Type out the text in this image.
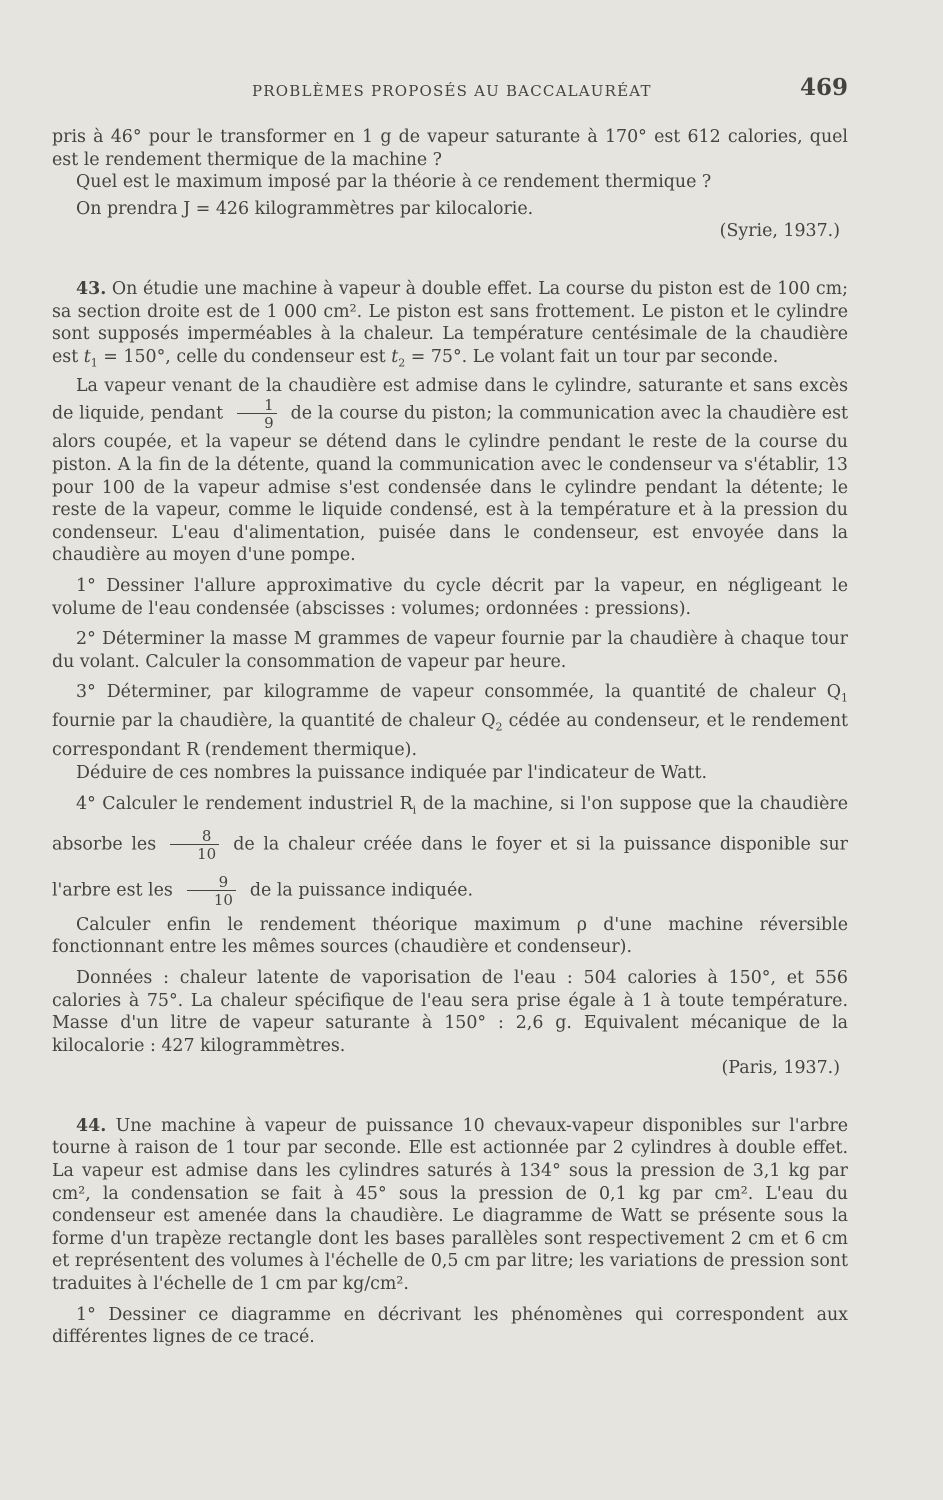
PROBLÈMES PROPOSÉS AU BACCALAURÉAT	469

pris à 46° pour le transformer en 1 g de vapeur saturante à 170° est 612 calories, quel est le rendement thermique de la machine ?

Quel est le maximum imposé par la théorie à ce rendement thermique ?

On prendra J = 426 kilogrammètres par kilocalorie.

(Syrie, 1937.)

43. On étudie une machine à vapeur à double effet. La course du piston est de 100 cm; sa section droite est de 1 000 cm². Le piston est sans frottement. Le piston et le cylindre sont supposés imperméables à la chaleur. La température centésimale de la chaudière est $t_1 = 150^\circ$, celle du condenseur est $t_2 = 75^\circ$. Le volant fait un tour par seconde.

La vapeur venant de la chaudière est admise dans le cylindre, saturante et sans excès de liquide, pendant $\frac{1}{9}$ de la course du piston; la communication avec la chaudière est alors coupée, et la vapeur se détend dans le cylindre pendant le reste de la course du piston. A la fin de la détente, quand la communication avec le condenseur va s'établir, 13 pour 100 de la vapeur admise s'est condensée dans le cylindre pendant la détente; le reste de la vapeur, comme le liquide condensé, est à la température et à la pression du condenseur. L'eau d'alimentation, puisée dans le condenseur, est envoyée dans la chaudière au moyen d'une pompe.

1° Dessiner l'allure approximative du cycle décrit par la vapeur, en négligeant le volume de l'eau condensée (abscisses : volumes; ordonnées : pressions).

2° Déterminer la masse M grammes de vapeur fournie par la chaudière à chaque tour du volant. Calculer la consommation de vapeur par heure.

3° Déterminer, par kilogramme de vapeur consommée, la quantité de chaleur $Q_1$ fournie par la chaudière, la quantité de chaleur $Q_2$ cédée au condenseur, et le rendement correspondant R (rendement thermique).

Déduire de ces nombres la puissance indiquée par l'indicateur de Watt.

4° Calculer le rendement industriel $R_i$ de la machine, si l'on suppose que la chaudière absorbe les $\frac{8}{10}$ de la chaleur créée dans le foyer et si la puissance disponible sur l'arbre est les $\frac{9}{10}$ de la puissance indiquée.

Calculer enfin le rendement théorique maximum ρ d'une machine réversible fonctionnant entre les mêmes sources (chaudière et condenseur).

Données : chaleur latente de vaporisation de l'eau : 504 calories à 150°, et 556 calories à 75°. La chaleur spécifique de l'eau sera prise égale à 1 à toute température. Masse d'un litre de vapeur saturante à 150° : 2,6 g. Equivalent mécanique de la kilocalorie : 427 kilogrammètres.

(Paris, 1937.)

44. Une machine à vapeur de puissance 10 chevaux-vapeur disponibles sur l'arbre tourne à raison de 1 tour par seconde. Elle est actionnée par 2 cylindres à double effet. La vapeur est admise dans les cylindres saturés à 134° sous la pression de 3,1 kg par cm², la condensation se fait à 45° sous la pression de 0,1 kg par cm². L'eau du condenseur est amenée dans la chaudière. Le diagramme de Watt se présente sous la forme d'un trapèze rectangle dont les bases parallèles sont respectivement 2 cm et 6 cm et représentent des volumes à l'échelle de 0,5 cm par litre; les variations de pression sont traduites à l'échelle de 1 cm par kg/cm².

1° Dessiner ce diagramme en décrivant les phénomènes qui correspondent aux différentes lignes de ce tracé.
